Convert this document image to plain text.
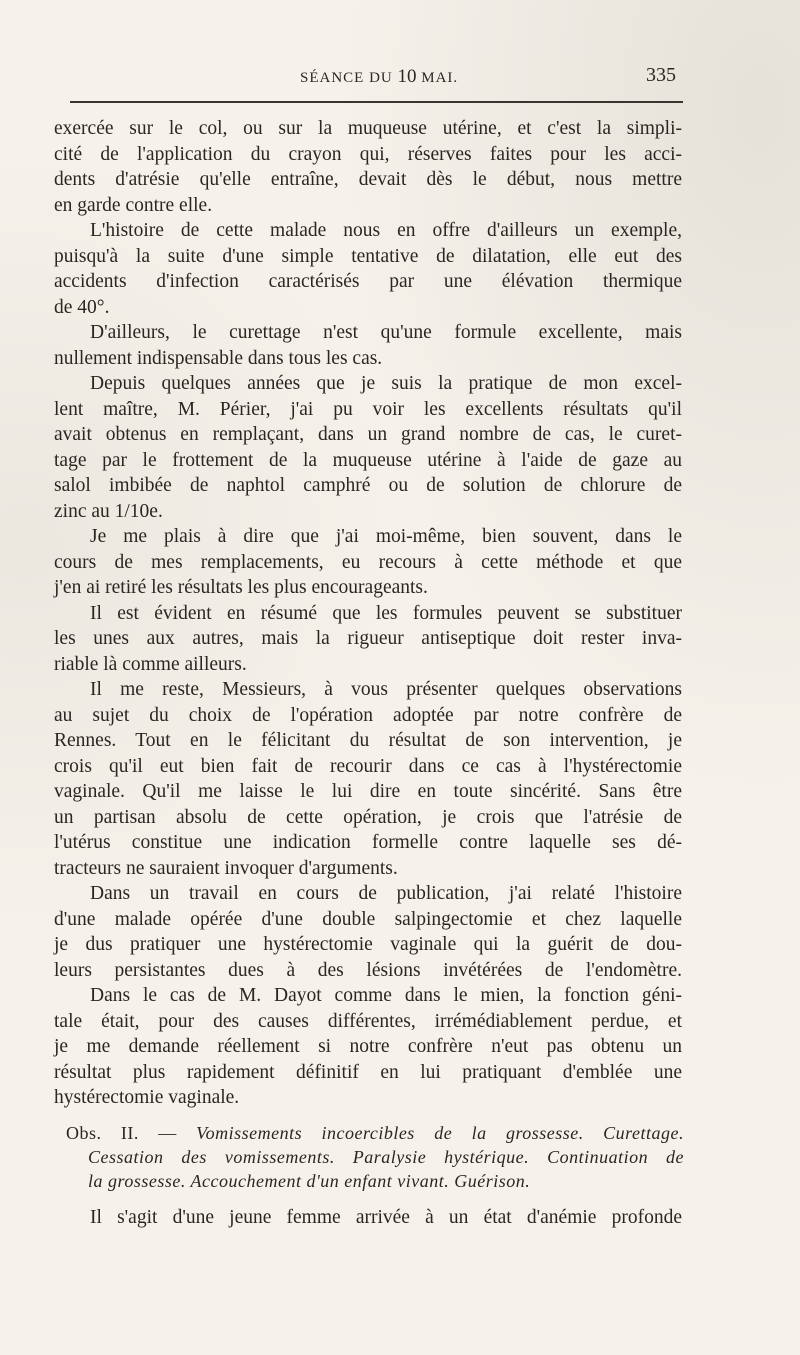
SÉANCE DU 10 MAI.	335
exercée sur le col, ou sur la muqueuse utérine, et c'est la simpli-
cité de l'application du crayon qui, réserves faites pour les acci-
dents d'atrésie qu'elle entraîne, devait dès le début, nous mettre
en garde contre elle.
L'histoire de cette malade nous en offre d'ailleurs un exemple,
puisqu'à la suite d'une simple tentative de dilatation, elle eut des
accidents d'infection caractérisés par une élévation thermique
de 40°.
D'ailleurs, le curettage n'est qu'une formule excellente, mais
nullement indispensable dans tous les cas.
Depuis quelques années que je suis la pratique de mon excel-
lent maître, M. Périer, j'ai pu voir les excellents résultats qu'il
avait obtenus en remplaçant, dans un grand nombre de cas, le curet-
tage par le frottement de la muqueuse utérine à l'aide de gaze au
salol imbibée de naphtol camphré ou de solution de chlorure de
zinc au 1/10e.
Je me plais à dire que j'ai moi-même, bien souvent, dans le
cours de mes remplacements, eu recours à cette méthode et que
j'en ai retiré les résultats les plus encourageants.
Il est évident en résumé que les formules peuvent se substituer
les unes aux autres, mais la rigueur antiseptique doit rester inva-
riable là comme ailleurs.
Il me reste, Messieurs, à vous présenter quelques observations
au sujet du choix de l'opération adoptée par notre confrère de
Rennes. Tout en le félicitant du résultat de son intervention, je
crois qu'il eut bien fait de recourir dans ce cas à l'hystérectomie
vaginale. Qu'il me laisse le lui dire en toute sincérité. Sans être
un partisan absolu de cette opération, je crois que l'atrésie de
l'utérus constitue une indication formelle contre laquelle ses dé-
tracteurs ne sauraient invoquer d'arguments.
Dans un travail en cours de publication, j'ai relaté l'histoire
d'une malade opérée d'une double salpingectomie et chez laquelle
je dus pratiquer une hystérectomie vaginale qui la guérit de dou-
leurs persistantes dues à des lésions invétérées de l'endomètre.
Dans le cas de M. Dayot comme dans le mien, la fonction géni-
tale était, pour des causes différentes, irrémédiablement perdue, et
je me demande réellement si notre confrère n'eut pas obtenu un
résultat plus rapidement définitif en lui pratiquant d'emblée une
hystérectomie vaginale.
Obs. II. — Vomissements incoercibles de la grossesse. Curettage.
Cessation des vomissements. Paralysie hystérique. Continuation de
la grossesse. Accouchement d'un enfant vivant. Guérison.
Il s'agit d'une jeune femme arrivée à un état d'anémie profonde
